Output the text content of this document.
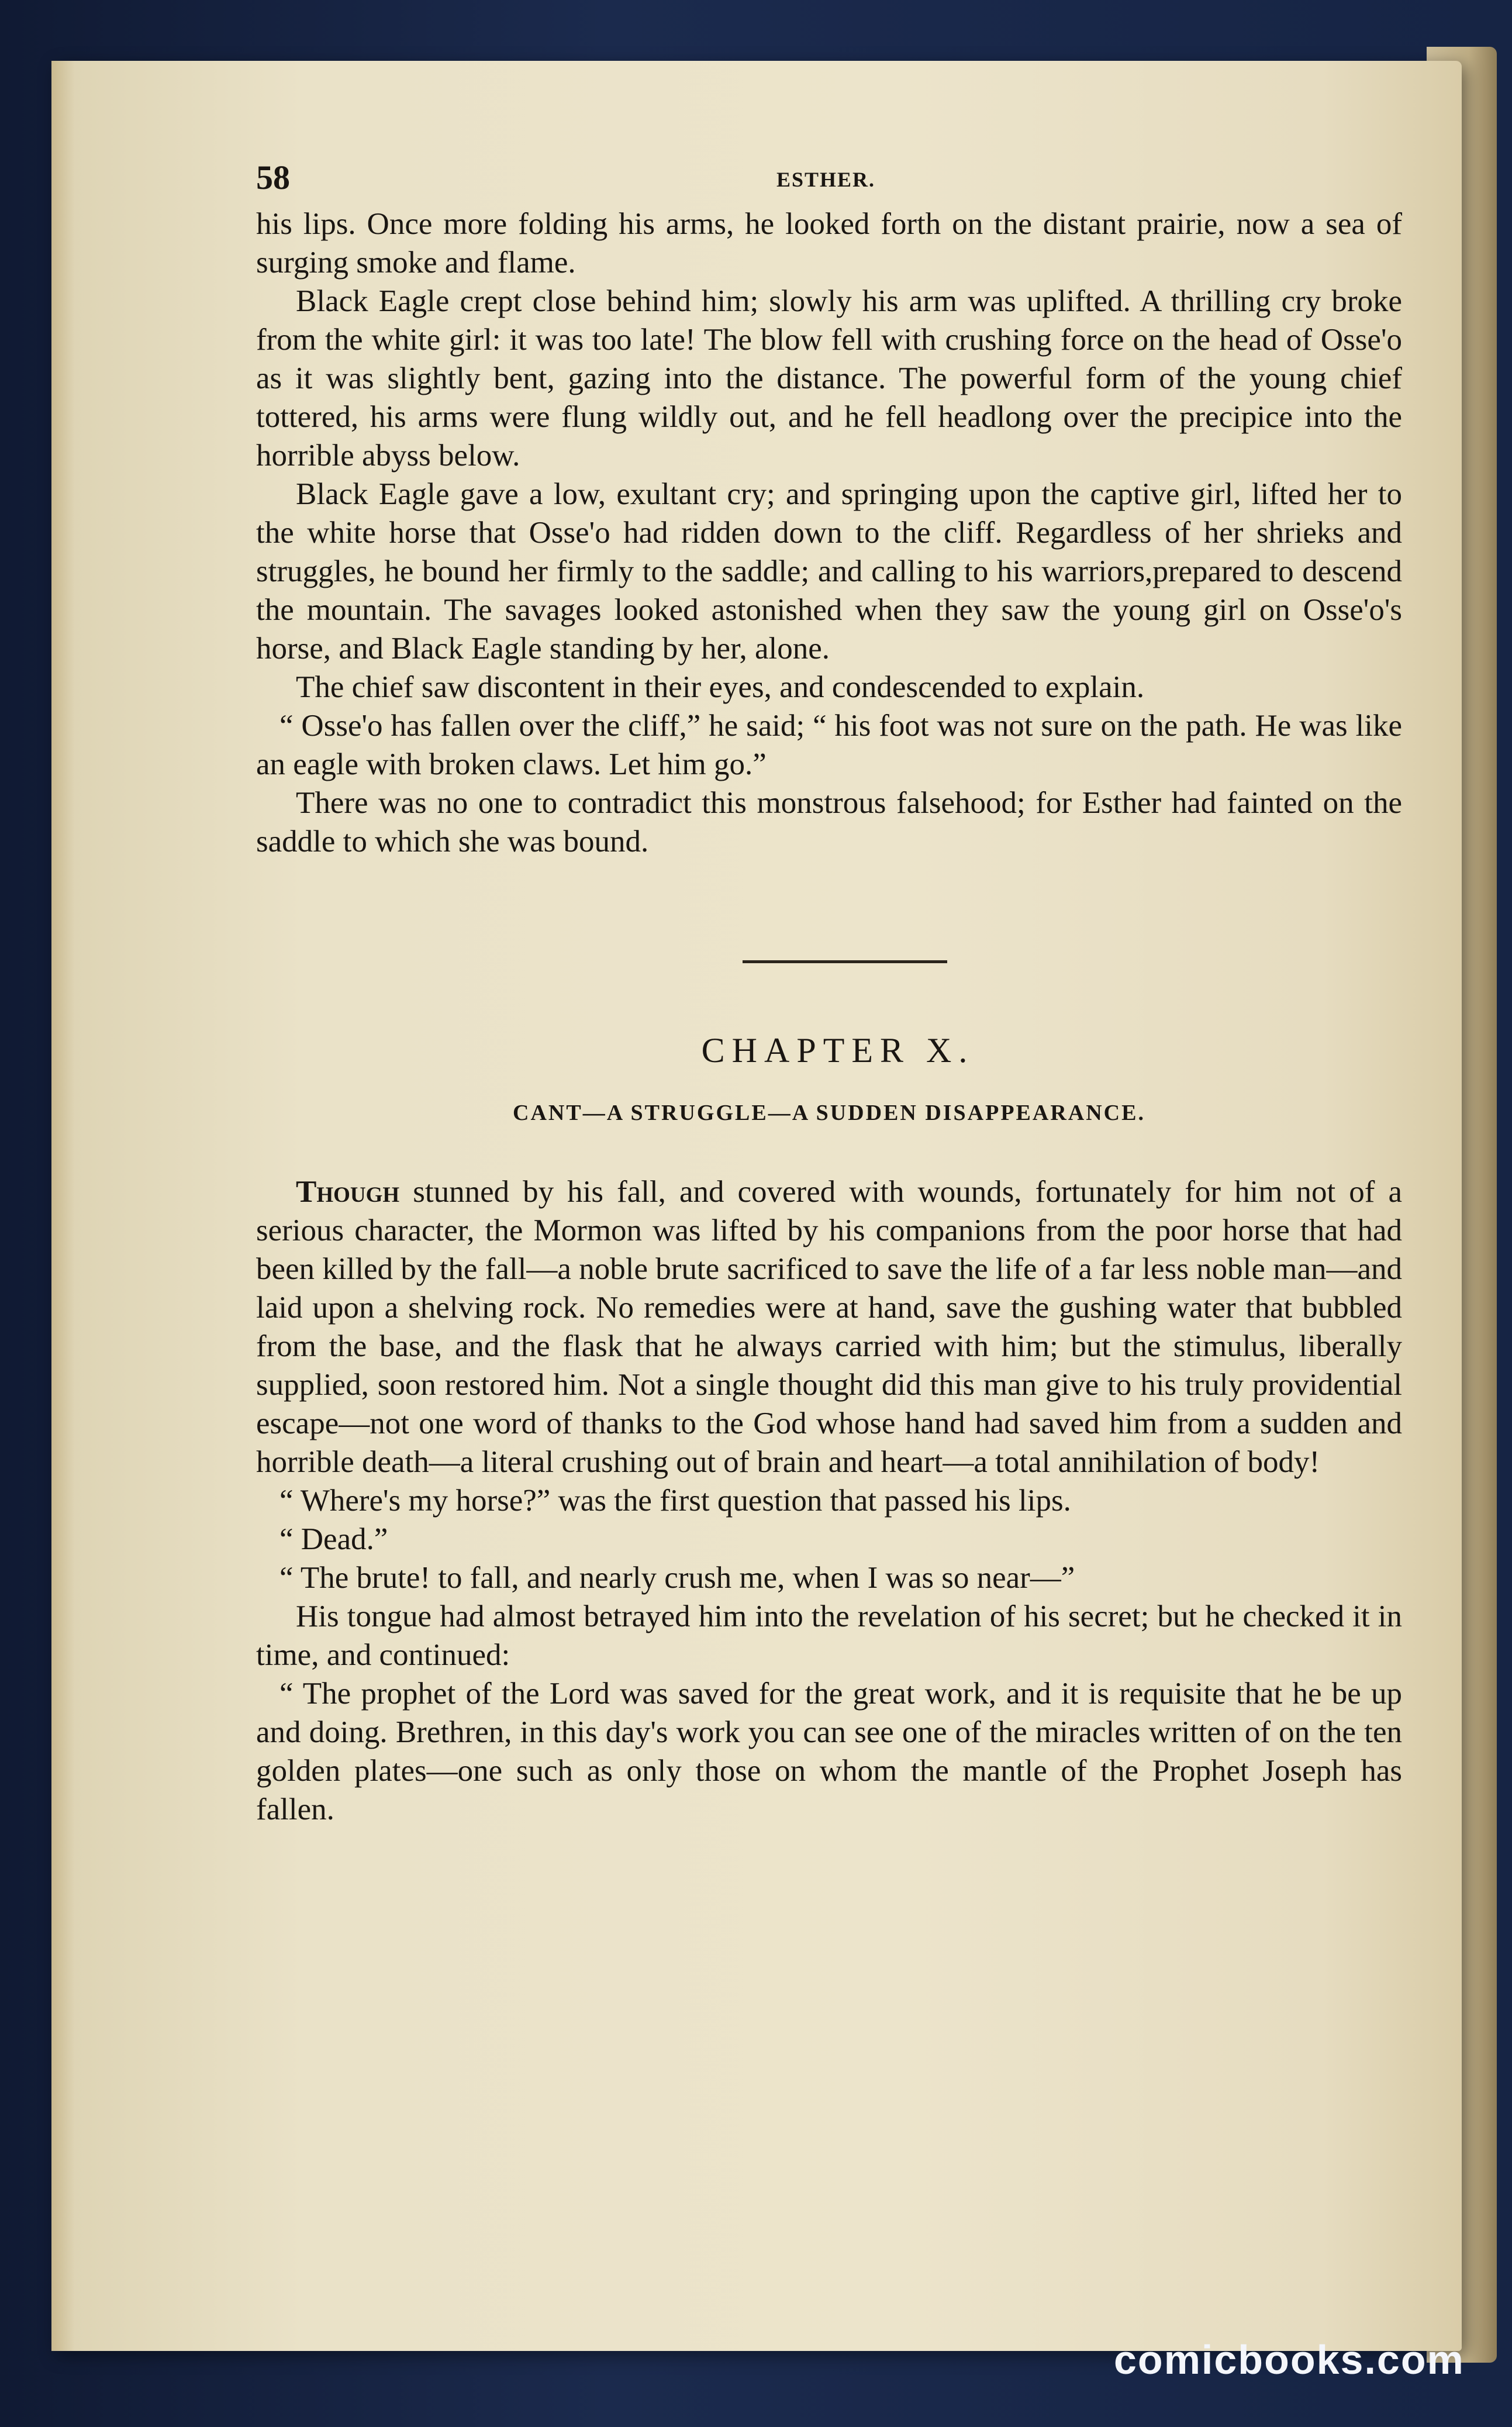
58	ESTHER.

his lips. Once more folding his arms, he looked forth on the distant prairie, now a sea of surging smoke and flame.

Black Eagle crept close behind him; slowly his arm was uplifted. A thrilling cry broke from the white girl: it was too late! The blow fell with crushing force on the head of Osse'o as it was slightly bent, gazing into the distance. The powerful form of the young chief tottered, his arms were flung wildly out, and he fell headlong over the precipice into the horrible abyss below.

Black Eagle gave a low, exultant cry; and springing upon the captive girl, lifted her to the white horse that Osse'o had ridden down to the cliff. Regardless of her shrieks and struggles, he bound her firmly to the saddle; and calling to his warriors,prepared to descend the mountain. The savages looked astonished when they saw the young girl on Osse'o's horse, and Black Eagle standing by her, alone.

The chief saw discontent in their eyes, and condescended to explain.

“ Osse'o has fallen over the cliff,” he said; “ his foot was not sure on the path. He was like an eagle with broken claws. Let him go.”

There was no one to contradict this monstrous falsehood; for Esther had fainted on the saddle to which she was bound.

CHAPTER X.
CANT—A STRUGGLE—A SUDDEN DISAPPEARANCE.

Though stunned by his fall, and covered with wounds, fortunately for him not of a serious character, the Mormon was lifted by his companions from the poor horse that had been killed by the fall—a noble brute sacrificed to save the life of a far less noble man—and laid upon a shelving rock. No remedies were at hand, save the gushing water that bubbled from the base, and the flask that he always carried with him; but the stimulus, liberally supplied, soon restored him. Not a single thought did this man give to his truly providential escape—not one word of thanks to the God whose hand had saved him from a sudden and horrible death—a literal crushing out of brain and heart—a total annihilation of body!

“ Where's my horse?” was the first question that passed his lips.

“ Dead.”

“ The brute! to fall, and nearly crush me, when I was so near—”

His tongue had almost betrayed him into the revelation of his secret; but he checked it in time, and continued:

“ The prophet of the Lord was saved for the great work, and it is requisite that he be up and doing. Brethren, in this day's work you can see one of the miracles written of on the ten golden plates—one such as only those on whom the mantle of the Prophet Joseph has fallen.

comicbooks.com
